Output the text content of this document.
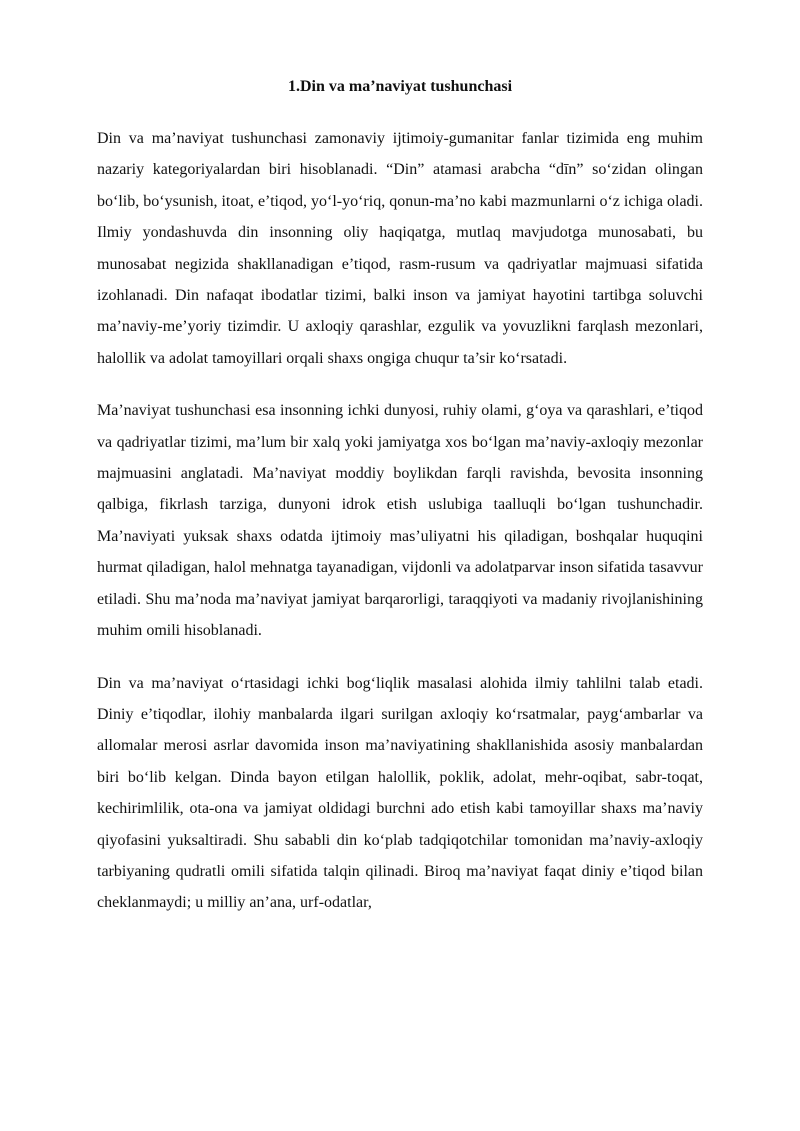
1.Din va ma’naviyat tushunchasi

Din va ma’naviyat tushunchasi zamonaviy ijtimoiy-gumanitar fanlar tizimida eng muhim nazariy kategoriyalardan biri hisoblanadi. “Din” atamasi arabcha “dīn” so‘zidan olingan bo‘lib, bo‘ysunish, itoat, e’tiqod, yo‘l-yo‘riq, qonun-ma’no kabi mazmunlarni o‘z ichiga oladi. Ilmiy yondashuvda din insonning oliy haqiqatga, mutlaq mavjudotga munosabati, bu munosabat negizida shakllanadigan e’tiqod, rasm-rusum va qadriyatlar majmuasi sifatida izohlanadi. Din nafaqat ibodatlar tizimi, balki inson va jamiyat hayotini tartibga soluvchi ma’naviy-me’yoriy tizimdir. U axloqiy qarashlar, ezgulik va yovuzlikni farqlash mezonlari, halollik va adolat tamoyillari orqali shaxs ongiga chuqur ta’sir ko‘rsatadi.

Ma’naviyat tushunchasi esa insonning ichki dunyosi, ruhiy olami, g‘oya va qarashlari, e’tiqod va qadriyatlar tizimi, ma’lum bir xalq yoki jamiyatga xos bo‘lgan ma’naviy-axloqiy mezonlar majmuasini anglatadi. Ma’naviyat moddiy boylikdan farqli ravishda, bevosita insonning qalbiga, fikrlash tarziga, dunyoni idrok etish uslubiga taalluqli bo‘lgan tushunchadir. Ma’naviyati yuksak shaxs odatda ijtimoiy mas’uliyatni his qiladigan, boshqalar huquqini hurmat qiladigan, halol mehnatga tayanadigan, vijdonli va adolatparvar inson sifatida tasavvur etiladi. Shu ma’noda ma’naviyat jamiyat barqarorligi, taraqqiyoti va madaniy rivojlanishining muhim omili hisoblanadi.

Din va ma’naviyat o‘rtasidagi ichki bog‘liqlik masalasi alohida ilmiy tahlilni talab etadi. Diniy e’tiqodlar, ilohiy manbalarda ilgari surilgan axloqiy ko‘rsatmalar, payg‘ambarlar va allomalar merosi asrlar davomida inson ma’naviyatining shakllanishida asosiy manbalardan biri bo‘lib kelgan. Dinda bayon etilgan halollik, poklik, adolat, mehr-oqibat, sabr-toqat, kechirimlilik, ota-ona va jamiyat oldidagi burchni ado etish kabi tamoyillar shaxs ma’naviy qiyofasini yuksaltiradi. Shu sababli din ko‘plab tadqiqotchilar tomonidan ma’naviy-axloqiy tarbiyaning qudratli omili sifatida talqin qilinadi. Biroq ma’naviyat faqat diniy e’tiqod bilan cheklanmaydi; u milliy an’ana, urf-odatlar,
